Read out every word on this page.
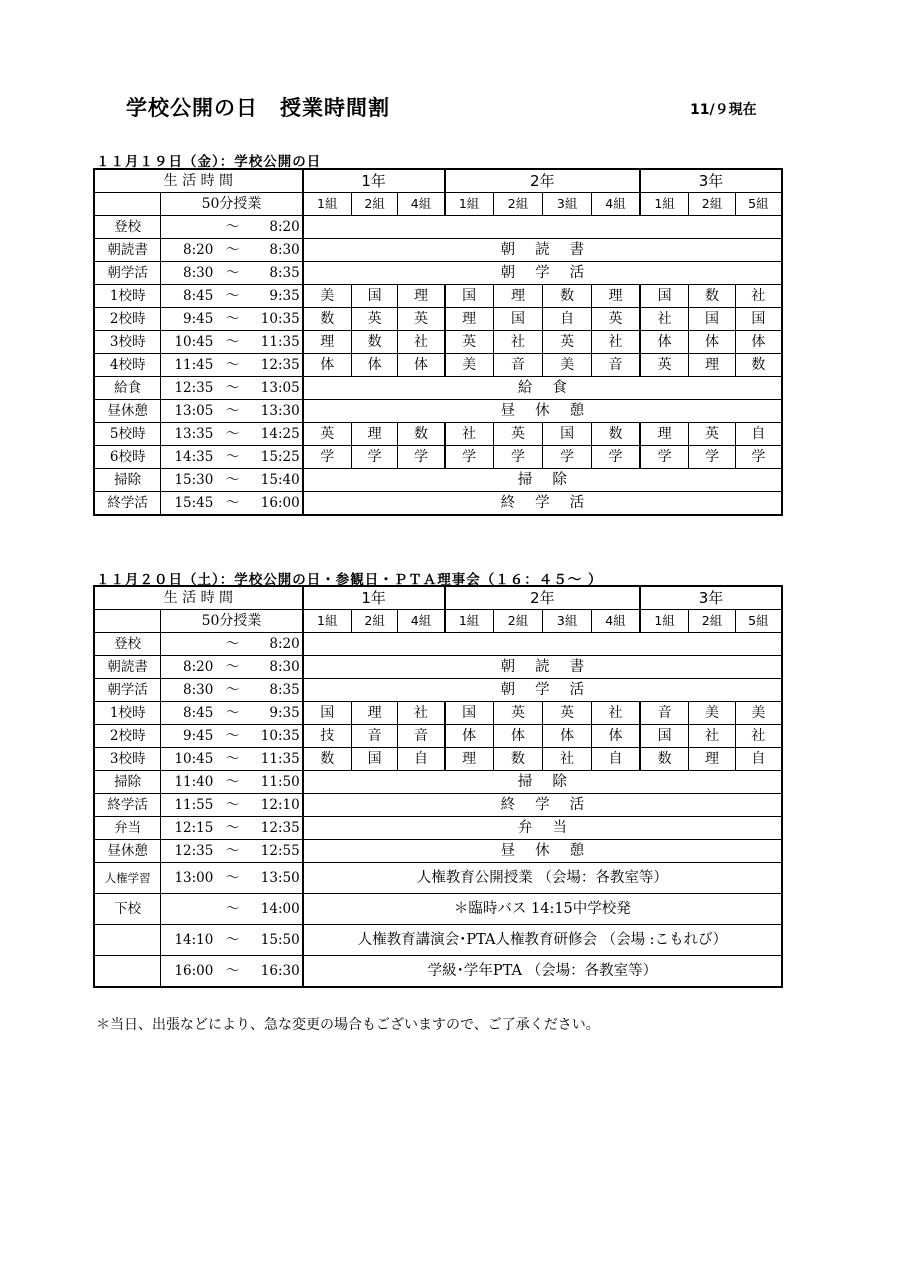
学校公開の日　授業時間割	11/９現在
１１月１９日（金）：学校公開の日
生 活 時 間		1年			2年				3年		
	50分授業	1組	2組	4組	1組	2組	3組	4組	1組	2組	5組
登校	～ 8:20										

朝読書	8:20 ～ 8:30	朝読書									
朝学活	8:30 ～ 8:35	朝学活									
1校時	8:45 ～ 9:35	美	国	理	国	理	数	理	国	数	社
2校時	9:45 ～ 10:35	数	英	英	理	国	自	英	社	国	国
3校時	10:45 ～ 11:35	理	数	社	英	社	英	社	体	体	体
4校時	11:45 ～ 12:35	体	体	体	美	音	美	音	英	理	数
給食	12:35 ～ 13:05	給食									
昼休憩	13:05 ～ 13:30	昼休憩									
5校時	13:35 ～ 14:25	英	理	数	社	英	国	数	理	英	自
6校時	14:35 ～ 15:25	学	学	学	学	学	学	学	学	学	学
掃除	15:30 ～ 15:40	掃除									
終学活	15:45 ～ 16:00	終学活									
１１月２０日（土）：学校公開の日・参観日・ＰＴＡ理事会（１６：４５～ ）
生 活 時 間		1年			2年				3年		
	50分授業	1組	2組	4組	1組	2組	3組	4組	1組	2組	5組
登校	～ 8:20										

朝読書	8:20 ～ 8:30	朝読書									
朝学活	8:30 ～ 8:35	朝学活									
1校時	8:45 ～ 9:35	国	理	社	国	英	英	社	音	美	美
2校時	9:45 ～ 10:35	技	音	音	体	体	体	体	国	社	社
3校時	10:45 ～ 11:35	数	国	自	理	数	社	自	数	理	自
掃除	11:40 ～ 11:50	掃除									
終学活	11:55 ～ 12:10	終学活									
弁当	12:15 ～ 12:35	弁当									
昼休憩	12:35 ～ 12:55	昼休憩									
人権学習	13:00 ～ 13:50	人権教育公開授業 （会場：各教室等）									
下校	～ 14:00	＊臨時バス 14:15中学校発									

	14:10 ～ 15:50	人権教育講演会･PTA人権教育研修会 （会場 :こもれび）									

	16:00 ～ 16:30	学級･学年PTA （会場：各教室等）									
＊当日、出張などにより、急な変更の場合もございますので、ご了承ください。
